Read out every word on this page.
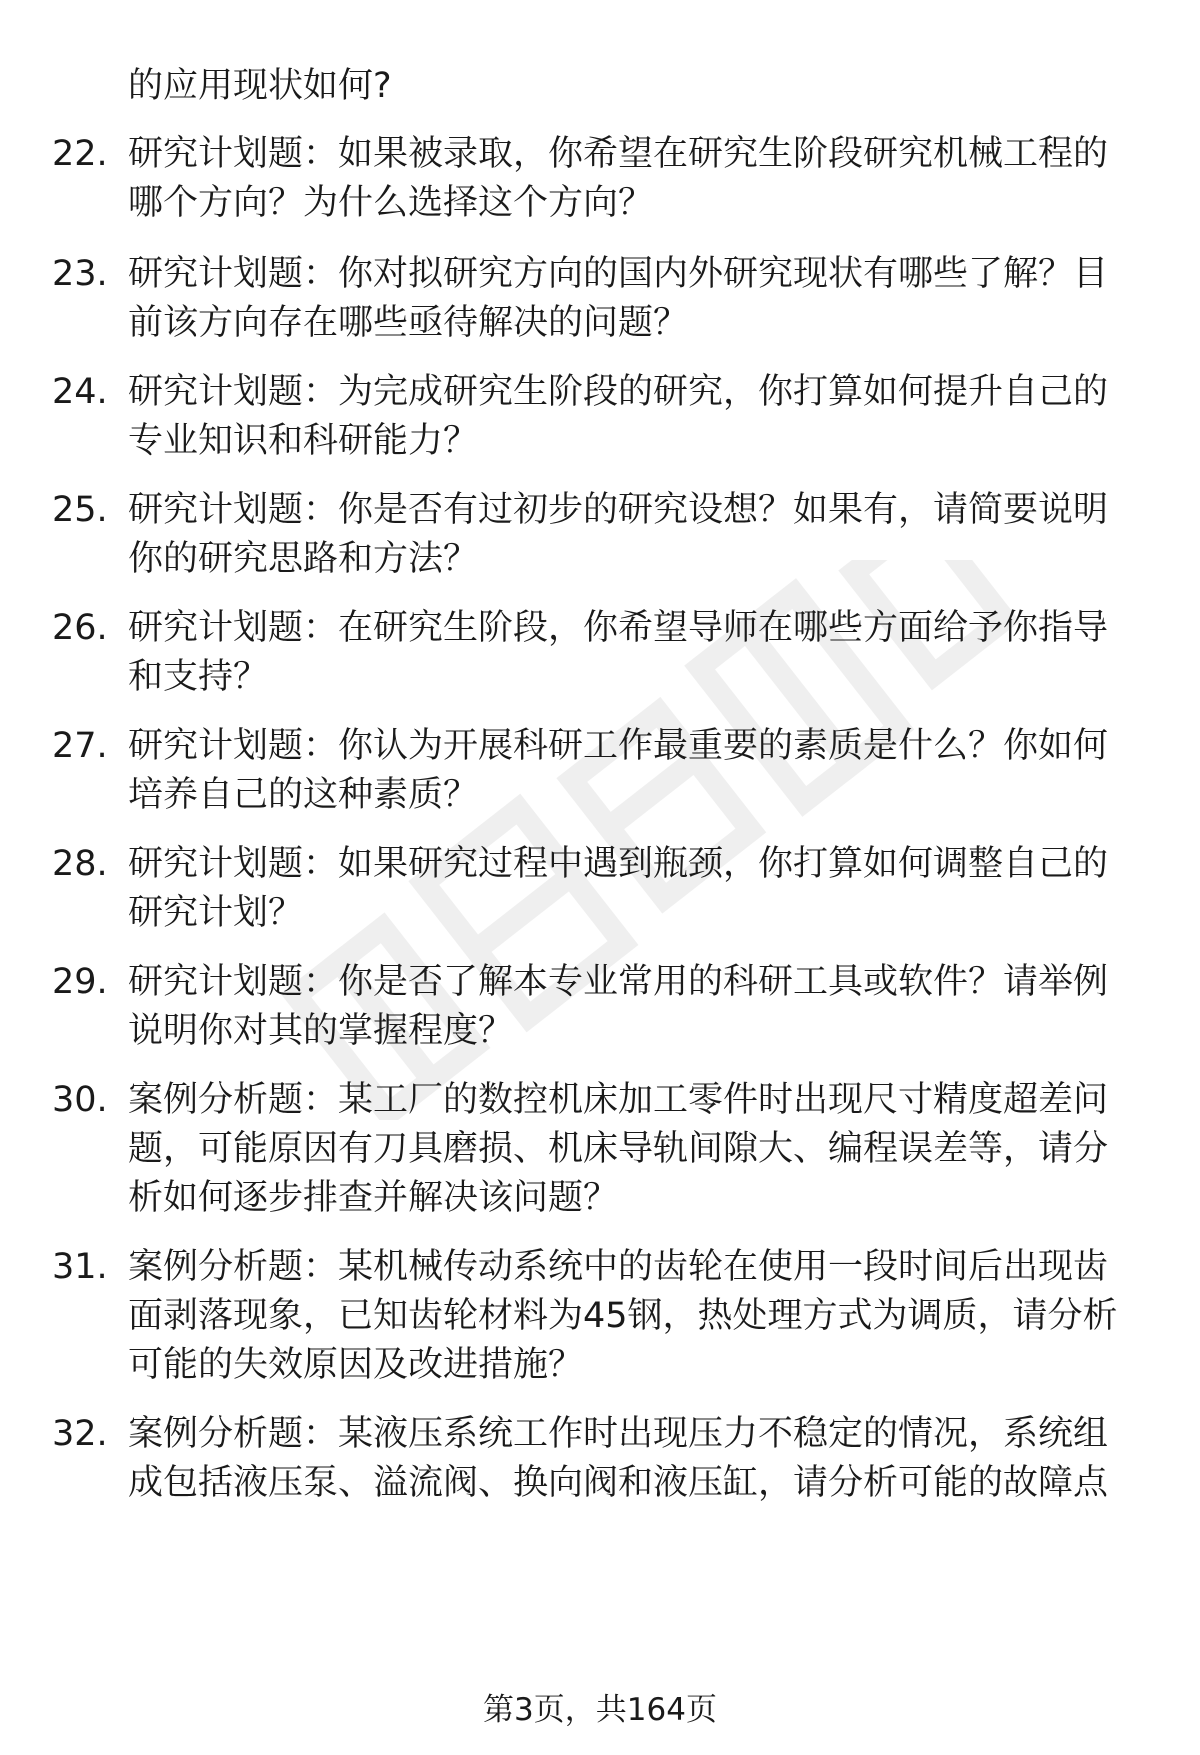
的应用现状如何?
22. 研究计划题：如果被录取，你希望在研究生阶段研究机械工程的
哪个方向？为什么选择这个方向？
23. 研究计划题：你对拟研究方向的国内外研究现状有哪些了解？目
前该方向存在哪些亟待解决的问题？
24. 研究计划题：为完成研究生阶段的研究，你打算如何提升自己的
专业知识和科研能力？
25. 研究计划题：你是否有过初步的研究设想？如果有，请简要说明
你的研究思路和方法？
26. 研究计划题：在研究生阶段，你希望导师在哪些方面给予你指导
和支持？
27. 研究计划题：你认为开展科研工作最重要的素质是什么？你如何
培养自己的这种素质？
28. 研究计划题：如果研究过程中遇到瓶颈，你打算如何调整自己的
研究计划？
29. 研究计划题：你是否了解本专业常用的科研工具或软件？请举例
说明你对其的掌握程度？
30. 案例分析题：某工厂的数控机床加工零件时出现尺寸精度超差问
题，可能原因有刀具磨损、机床导轨间隙大、编程误差等，请分
析如何逐步排查并解决该问题？
31. 案例分析题：某机械传动系统中的齿轮在使用一段时间后出现齿
面剥落现象，已知齿轮材料为45钢，热处理方式为调质，请分析
可能的失效原因及改进措施？
32. 案例分析题：某液压系统工作时出现压力不稳定的情况，系统组
成包括液压泵、溢流阀、换向阀和液压缸，请分析可能的故障点
第3页，共164页
